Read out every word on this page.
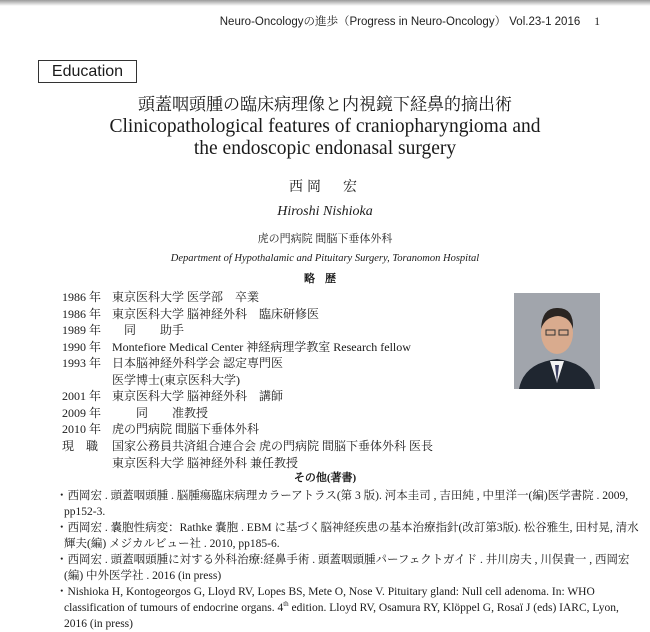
Neuro-Oncologyの進歩（Progress in Neuro-Oncology） Vol.23-1 2016 1
Education
頭蓋咽頭腫の臨床病理像と内視鏡下経鼻的摘出術
Clinicopathological features of craniopharyngioma and
the endoscopic endonasal surgery
西岡　宏
Hiroshi Nishioka
虎の門病院 間脳下垂体外科
Department of Hypothalamic and Pituitary Surgery, Toranomon Hospital
略歴
1986 年 東京医科大学 医学部　卒業
1986 年 東京医科大学 脳神経外科　臨床研修医
1989 年　同　　助手
1990 年 Montefiore Medical Center 神経病理学教室 Research fellow
1993 年 日本脳神経外科学会 認定専門医
医学博士(東京医科大学)
2001 年 東京医科大学 脳神経外科　講師
2009 年　　同　　准教授
2010 年 虎の門病院 間脳下垂体外科
現　職 国家公務員共済組合連合会 虎の門病院 間脳下垂体外科 医長
東京医科大学 脳神経外科 兼任教授
その他(著書)
・西岡宏 . 頭蓋咽頭腫 . 脳腫瘍臨床病理カラーアトラス(第 3 版). 河本圭司 , 吉田純 , 中里洋一(編)医学書院 . 2009, pp152-3.
・西岡宏 . 嚢胞性病変：Rathke 嚢胞 . EBM に基づく脳神経疾患の基本治療指針(改訂第3版). 松谷雅生, 田村晃, 清水輝夫(編) メジカルビュー社 . 2010, pp185-6.
・西岡宏 . 頭蓋咽頭腫に対する外科治療:経鼻手術 . 頭蓋咽頭腫パーフェクトガイド . 井川房夫 , 川俣貴一 , 西岡宏(編) 中外医学社 . 2016 (in press)
・Nishioka H, Kontogeorgos G, Lloyd RV, Lopes BS, Mete O, Nose V. Pituitary gland: Null cell adenoma. In: WHO classification of tumours of endocrine organs. 4th edition. Lloyd RV, Osamura RY, Klöppel G, Rosaï J (eds) IARC, Lyon, 2016 (in press)
